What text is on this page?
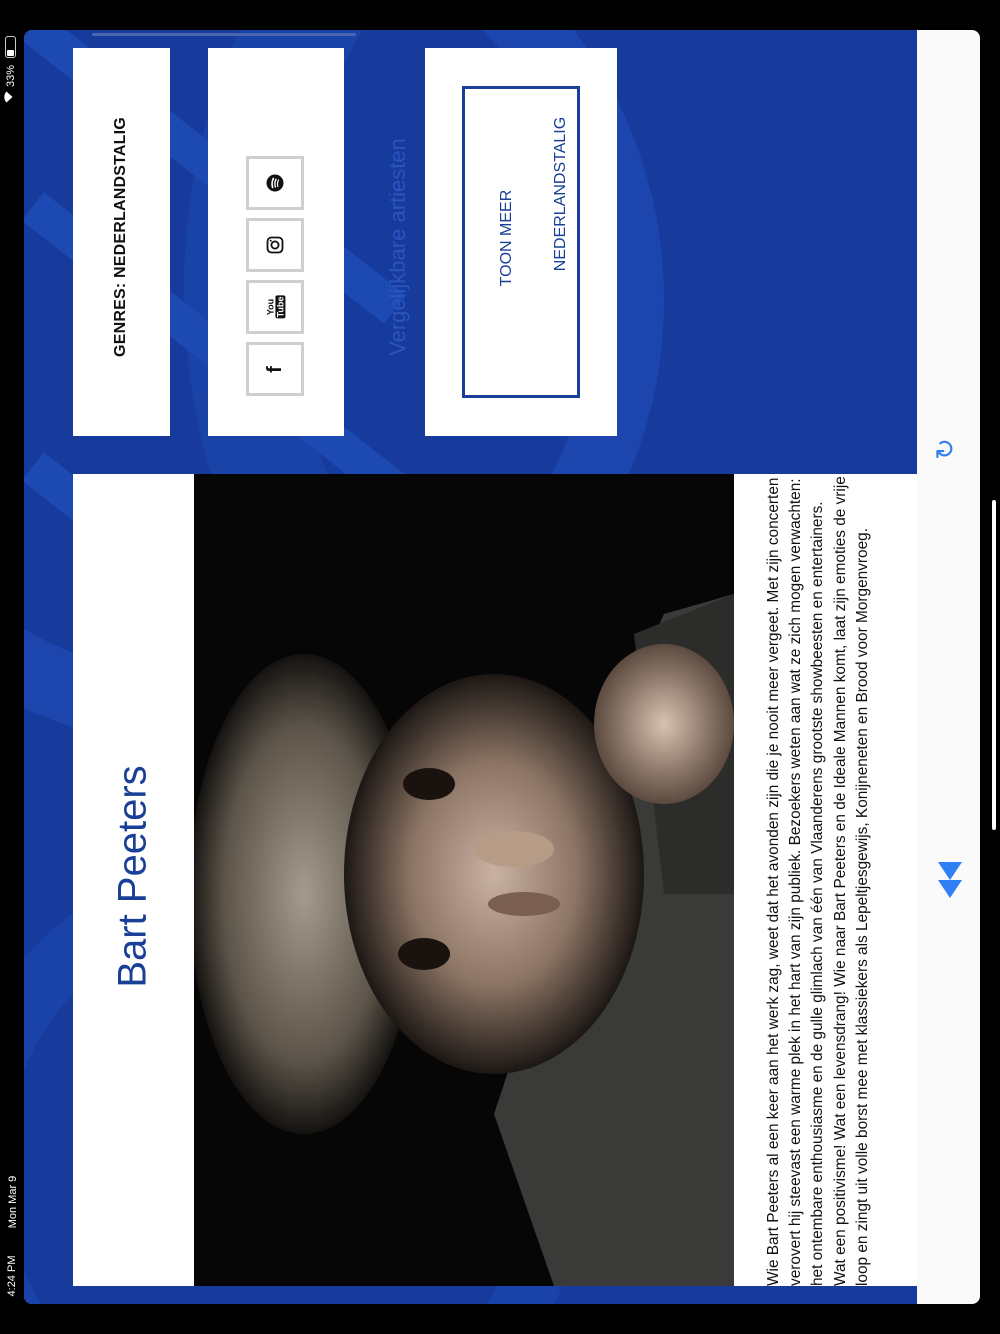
4:24 PM
Mon Mar 9
33%
GENRES: NEDERLANDSTALIG
f
You Tube	Vergelijkbare artiesten	TOON MEER NEDERLANDSTALIG
Bart Peeters	Wie Bart Peeters al een keer aan het werk zag, weet dat het avonden zijn die je nooit meer vergeet. Met zijn concerten verovert hij steevast een warme plek in het hart van zijn publiek. Bezoekers weten aan wat ze zich mogen verwachten: het ontembare enthousiasme en de gulle glimlach van één van Vlaanderens grootste showbeesten en entertainers. Wat een positivisme! Wat een levensdrang! Wie naar Bart Peeters en de Ideale Mannen komt, laat zijn emoties de vrije loop en zingt uit volle borst mee met klassiekers als Lepeltjesgewijs, Konijneneten en Brood voor Morgenvroeg.
↻
